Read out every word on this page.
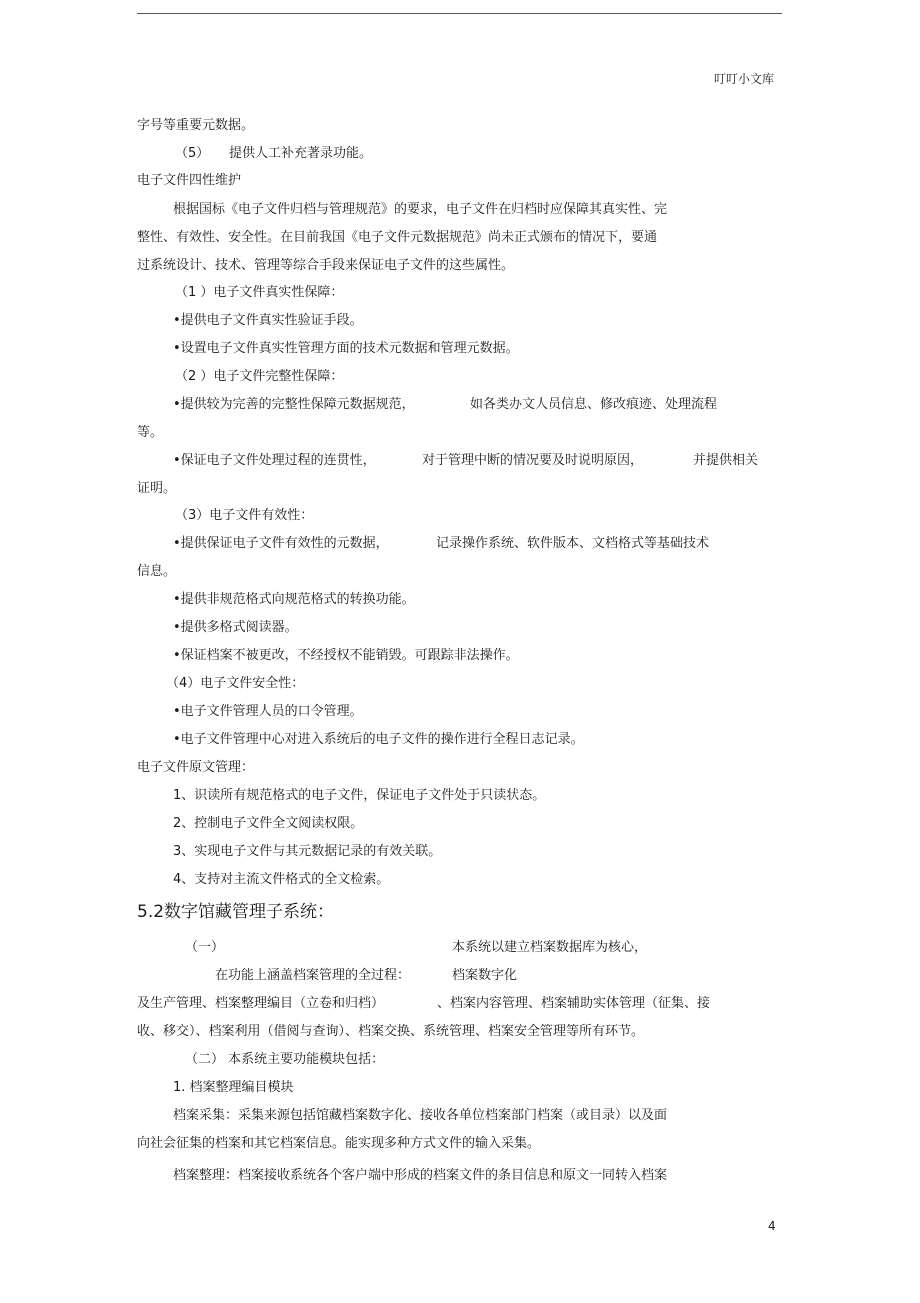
叮叮小文库
字号等重要元数据。
（5） 提供人工补充著录功能。
电子文件四性维护
根据国标《电子文件归档与管理规范》的要求，电子文件在归档时应保障其真实性、完
整性、有效性、安全性。在目前我国《电子文件元数据规范》尚未正式颁布的情况下，要通
过系统设计、技术、管理等综合手段来保证电子文件的这些属性。
（1 ）电子文件真实性保障：
•提供电子文件真实性验证手段。
•设置电子文件真实性管理方面的技术元数据和管理元数据。
（2 ）电子文件完整性保障：
•提供较为完善的完整性保障元数据规范，	如各类办文人员信息、修改痕迹、处理流程
等。
•保证电子文件处理过程的连贯性，	对于管理中断的情况要及时说明原因，	并提供相关
证明。
（3）电子文件有效性：
•提供保证电子文件有效性的元数据，	记录操作系统、软件版本、文档格式等基础技术
信息。
•提供非规范格式向规范格式的转换功能。
•提供多格式阅读器。
•保证档案不被更改，不经授权不能销毁。可跟踪非法操作。
（4）电子文件安全性：
•电子文件管理人员的口令管理。
•电子文件管理中心对进入系统后的电子文件的操作进行全程日志记录。
电子文件原文管理：
1、识读所有规范格式的电子文件，保证电子文件处于只读状态。
2、控制电子文件全文阅读权限。
3、实现电子文件与其元数据记录的有效关联。
4、支持对主流文件格式的全文检索。
5.2数字馆藏管理子系统：
（一）	本系统以建立档案数据库为核心，
在功能上涵盖档案管理的全过程：	档案数字化
及生产管理、档案整理编目（立卷和归档）	、档案内容管理、档案辅助实体管理（征集、接
收、移交）、档案利用（借阅与查询）、档案交换、系统管理、档案安全管理等所有环节。
（二） 本系统主要功能模块包括：
1. 档案整理编目模块
档案采集：采集来源包括馆藏档案数字化、接收各单位档案部门档案（或目录）以及面
向社会征集的档案和其它档案信息。能实现多种方式文件的输入采集。
档案整理：档案接收系统各个客户端中形成的档案文件的条目信息和原文一同转入档案
4
